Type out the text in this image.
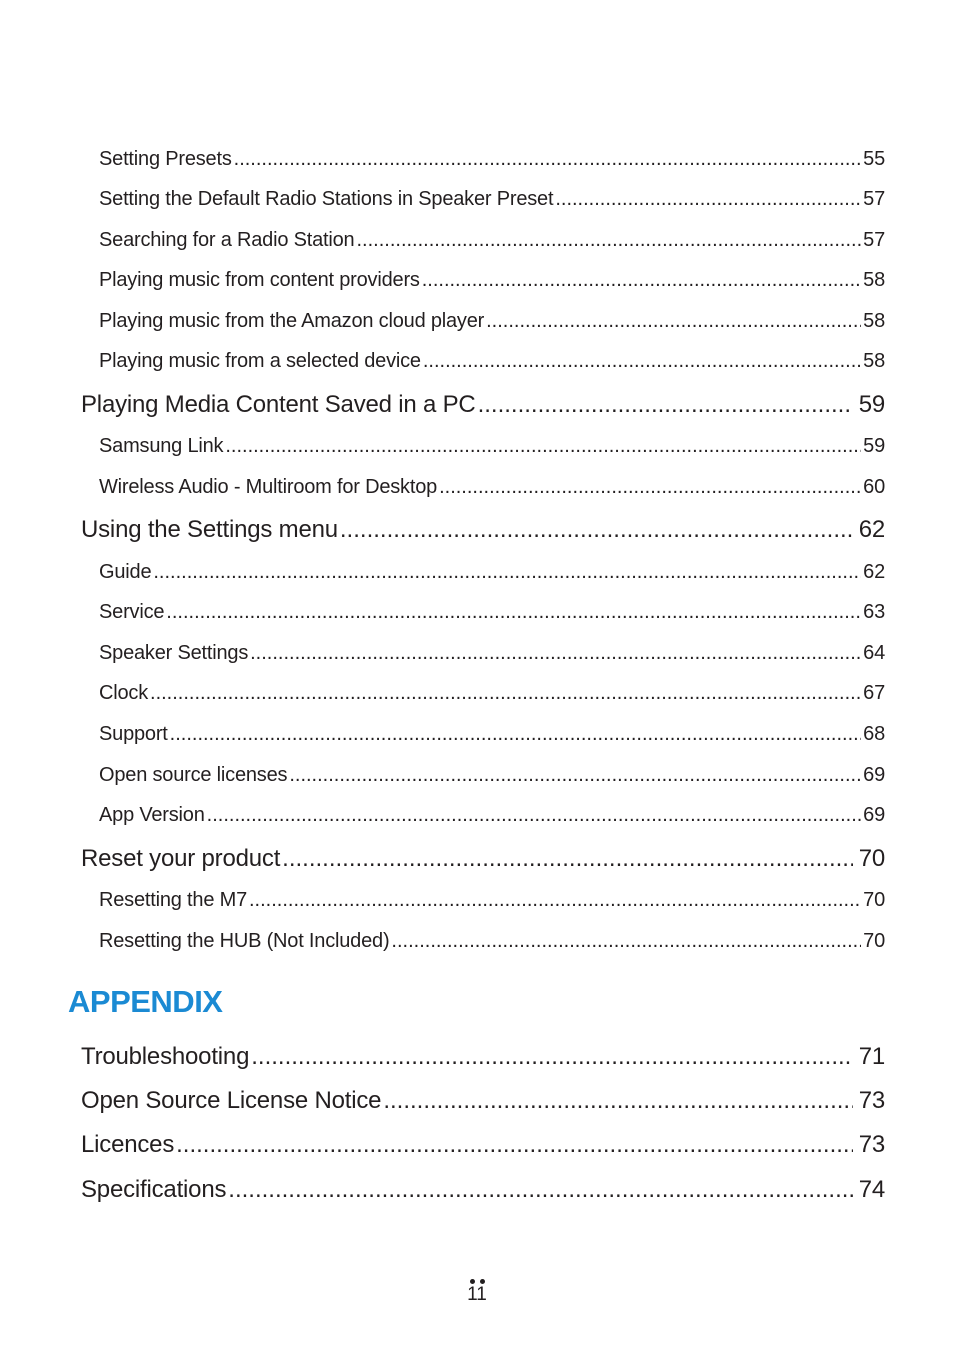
Setting Presets .....	55
Setting the Default Radio Stations in Speaker Preset .....	57
Searching for a Radio Station .....	57
Playing music from content providers .....	58
Playing music from the Amazon cloud player .....	58
Playing music from a selected device .....	58
Playing Media Content Saved in a PC .....	59
Samsung Link .....	59
Wireless Audio - Multiroom for Desktop .....	60
Using the Settings menu .....	62
Guide .....	62
Service .....	63
Speaker Settings .....	64
Clock .....	67
Support .....	68
Open source licenses .....	69
App Version .....	69
Reset your product .....	70
Resetting the M7 .....	70
Resetting the HUB (Not Included) .....	70
APPENDIX
Troubleshooting .....	71
Open Source License Notice .....	73
Licences .....	73
Specifications .....	74
11
